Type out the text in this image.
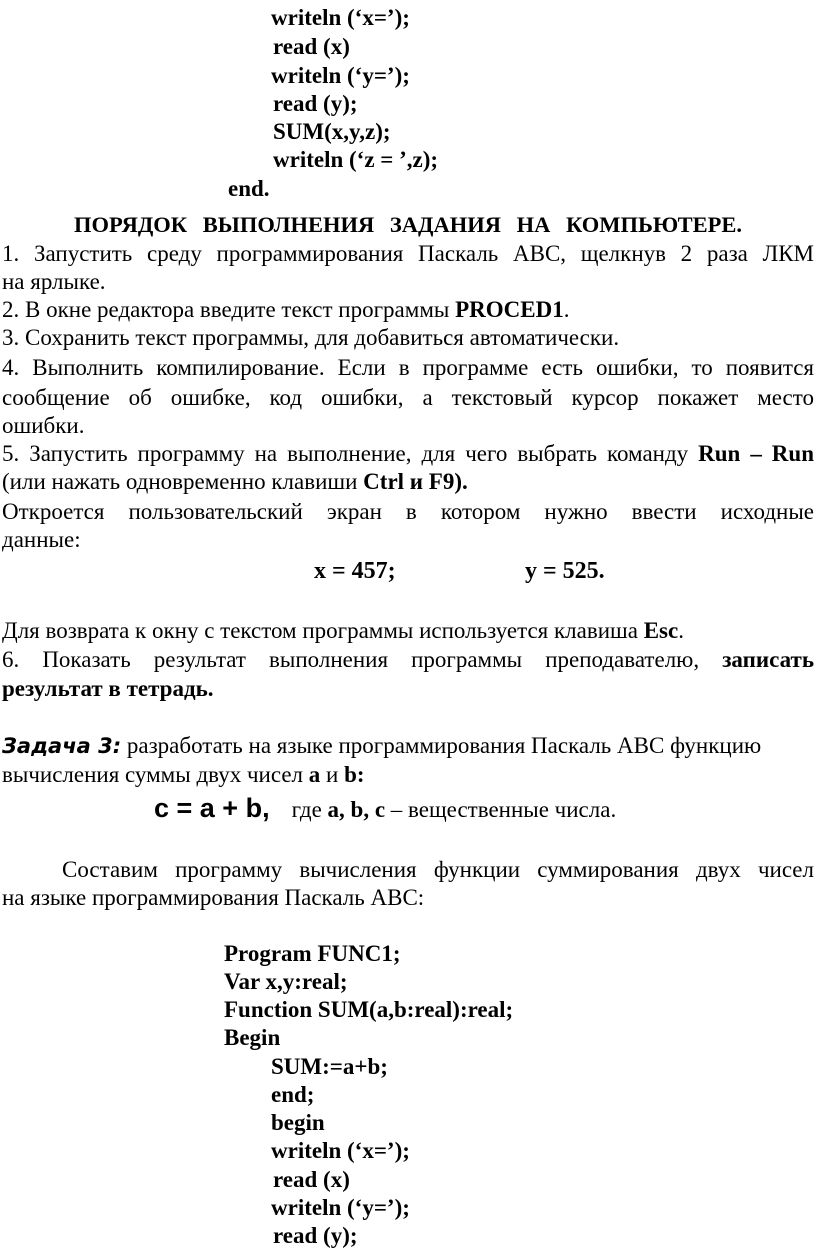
writeln (‘x=’);
read (x)
writeln (‘y=’);
read (y);
SUM(x,y,z);
writeln (‘z = ’,z);
end.
ПОРЯДОК ВЫПОЛНЕНИЯ ЗАДАНИЯ НА КОМПЬЮТЕРЕ.
1. Запустить среду программирования Паскаль АВС, щелкнув 2 раза ЛКМ
на ярлыке.
2. В окне редактора введите текст программы PROCED1.
3. Сохранить текст программы, для добавиться автоматически.
4. Выполнить компилирование. Если в программе есть ошибки, то появится
сообщение об ошибке, код ошибки, а текстовый курсор покажет место
ошибки.
5. Запустить программу на выполнение, для чего выбрать команду Run – Run
(или нажать одновременно клавиши Ctrl и F9).
Откроется пользовательский экран в котором нужно ввести исходные
данные:
x = 457;	y = 525.
Для возврата к окну с текстом программы используется клавиша Esc.
6. Показать результат выполнения программы преподавателю, записать
результат в тетрадь.
Задача 3: разработать на языке программирования Паскаль АВС функцию
вычисления суммы двух чисел a и b:
c = a + b, где a, b, c – вещественные числа.
Составим программу вычисления функции суммирования двух чисел
на языке программирования Паскаль АВС:
Program FUNC1;
Var x,y:real;
Function SUM(a,b:real):real;
Begin
SUM:=a+b;
end;
begin
writeln (‘x=’);
read (x)
writeln (‘y=’);
read (y);
